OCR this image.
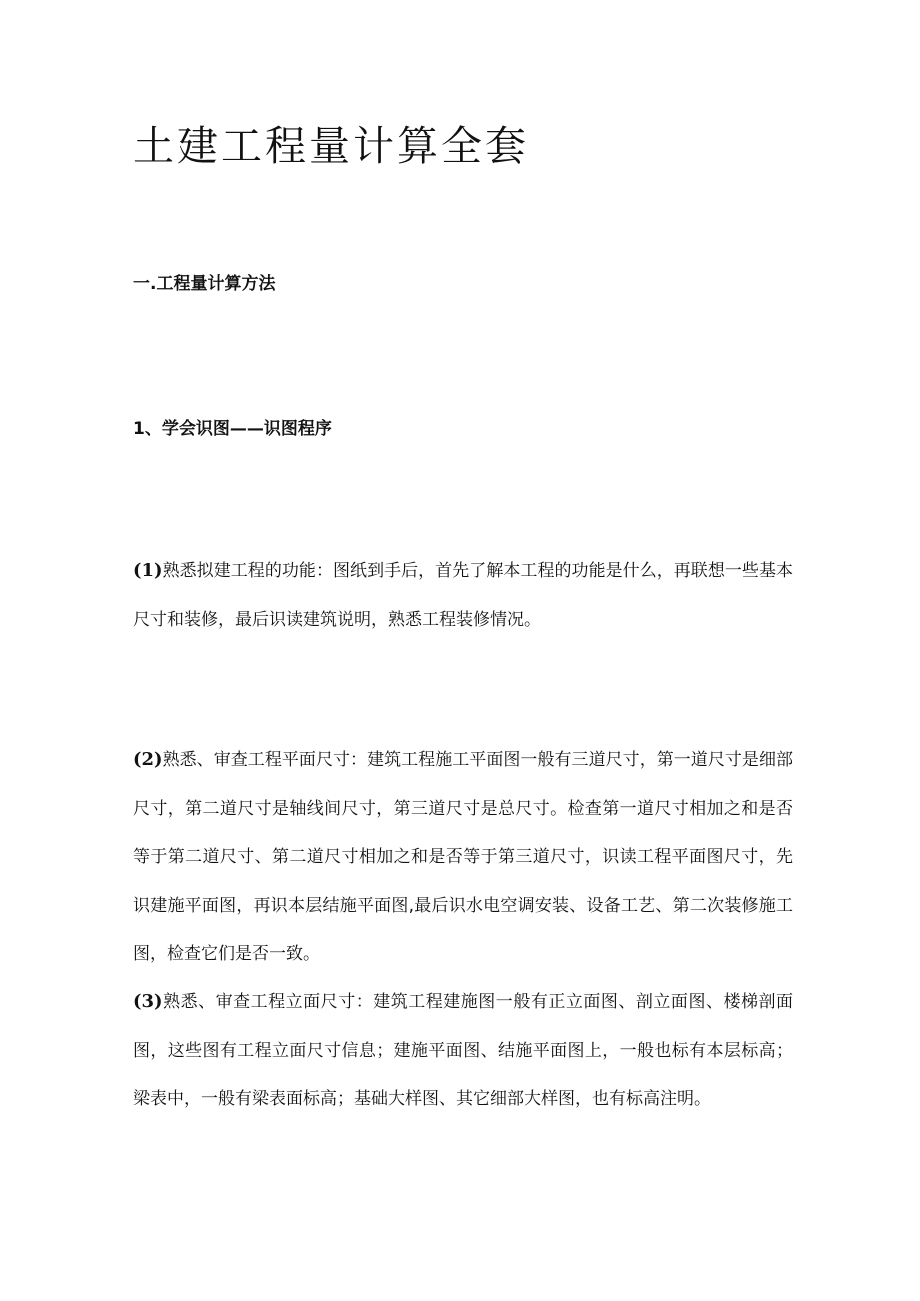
土建工程量计算全套
一.工程量计算方法
1、学会识图——识图程序

(1)熟悉拟建工程的功能：图纸到手后，首先了解本工程的功能是什么，再联想一些基本尺寸和装修，最后识读建筑说明，熟悉工程装修情况。

(2)熟悉、审查工程平面尺寸：建筑工程施工平面图一般有三道尺寸，第一道尺寸是细部尺寸，第二道尺寸是轴线间尺寸，第三道尺寸是总尺寸。检查第一道尺寸相加之和是否等于第二道尺寸、第二道尺寸相加之和是否等于第三道尺寸，识读工程平面图尺寸，先识建施平面图，再识本层结施平面图,最后识水电空调安装、设备工艺、第二次装修施工图，检查它们是否一致。

(3)熟悉、审查工程立面尺寸：建筑工程建施图一般有正立面图、剖立面图、楼梯剖面图，这些图有工程立面尺寸信息；建施平面图、结施平面图上，一般也标有本层标高；梁表中，一般有梁表面标高；基础大样图、其它细部大样图，也有标高注明。
